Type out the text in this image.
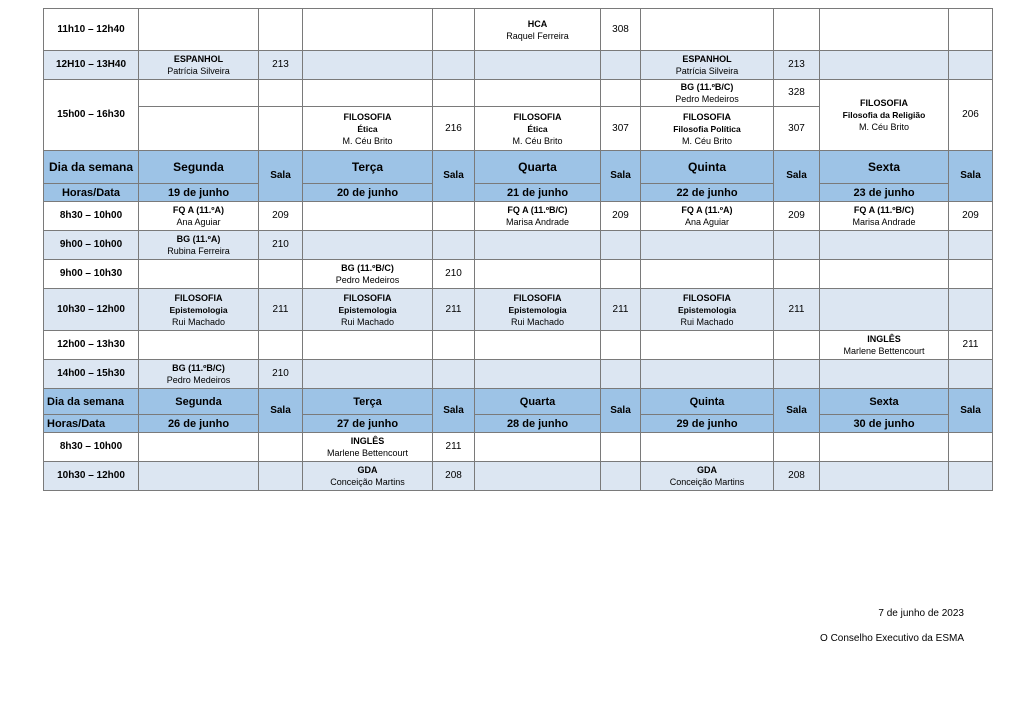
11h10 – 12h40					HCA
Raquel Ferreira	308				
12H10 – 13H40	ESPANHOL
Patrícia Silveira	213					ESPANHOL
Patrícia Silveira	213		
15h00 – 16h30							BG (11.ºB/C)
Pedro Medeiros	328	FILOSOFIA
Filosofia da Religião
M. Céu Brito	206

			FILOSOFIA
Ética
M. Céu Brito	216	FILOSOFIA
Ética
M. Céu Brito	307	FILOSOFIA
Filosofia Política
M. Céu Brito	307		
Dia da semana	Segunda	Sala	Terça	Sala	Quarta	Sala	Quinta	Sala	Sexta	Sala
Horas/Data	19 de junho		20 de junho		21 de junho		22 de junho		23 de junho	
8h30 – 10h00	FQ A (11.ºA)
Ana Aguiar	209			FQ A (11.ºB/C)
Marisa Andrade	209	FQ A (11.ºA)
Ana Aguiar	209	FQ A (11.ºB/C)
Marisa Andrade	209
9h00 – 10h00	BG (11.ºA)
Rubina Ferreira	210								
9h00 – 10h30			BG (11.ºB/C)
Pedro Medeiros	210						
10h30 – 12h00	FILOSOFIA
Epistemologia
Rui Machado	211	FILOSOFIA
Epistemologia
Rui Machado	211	FILOSOFIA
Epistemologia
Rui Machado	211	FILOSOFIA
Epistemologia
Rui Machado	211		
12h00 – 13h30									INGLÊS
Marlene Bettencourt	211
14h00 – 15h30	BG (11.ºB/C)
Pedro Medeiros	210								
Dia da semana	Segunda	Sala	Terça	Sala	Quarta	Sala	Quinta	Sala	Sexta	Sala
Horas/Data	26 de junho		27 de junho		28 de junho		29 de junho		30 de junho	
8h30 – 10h00			INGLÊS
Marlene Bettencourt	211						
10h30 – 12h00			GDA
Conceição Martins	208			GDA
Conceição Martins	208		
7 de junho de 2023
O Conselho Executivo da ESMA
